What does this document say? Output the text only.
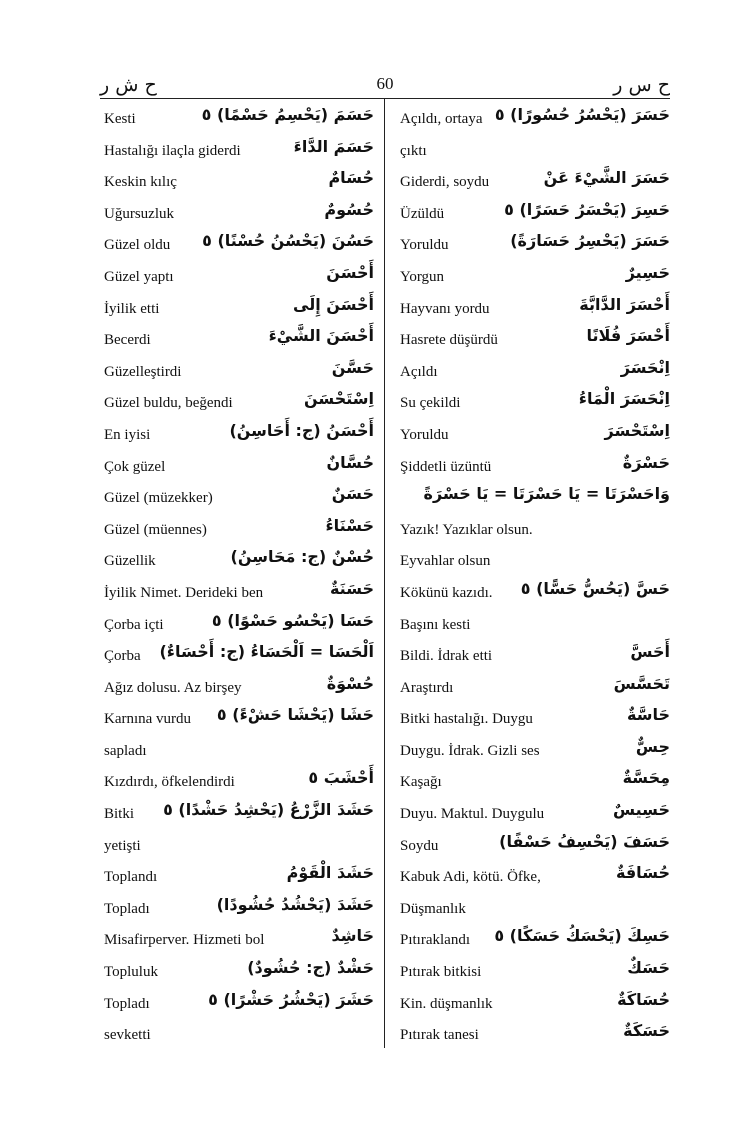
ح ش ر	60	ح س ر
Kesti	حَسَمَ (يَحْسِمُ حَسْمًا) ٥
Hastalığı ilaçla giderdi	حَسَمَ الدَّاءَ
Keskin kılıç	حُسَامٌ
Uğursuzluk	حُسُومٌ
Güzel oldu حَسُنَ (يَحْسُنُ حُسْنًا) ٥
Güzel yaptı	أَحْسَنَ
İyilik etti	أَحْسَنَ إِلَى
Becerdi	أَحْسَنَ الشَّيْءَ
Güzelleştirdi	حَسَّنَ
Güzel buldu, beğendi	اِسْتَحْسَنَ
En iyisi	أَحْسَنُ (ج: أَحَاسِنُ)
Çok güzel	حُسَّانٌ
Güzel (müzekker)	حَسَنٌ
Güzel (müennes)	حَسْنَاءُ
Güzellik	حُسْنٌ (ج: مَحَاسِنُ)
İyilik Nimet. Derideki ben	حَسَنَةٌ
Çorba içti	حَسَا (يَحْسُو حَسْوًا) ٥
Çorba اَلْحَسَا = اَلْحَسَاءُ (ج: أَحْسَاءٌ)
Ağız dolusu. Az birşey	حُسْوَةٌ
Karnına vurdu حَشَا (يَحْشَا حَشْءً) ٥
sapladı
Kızdırdı, öfkelendirdi	أَحْشَبَ ٥
Bitki حَشَدَ الزَّرْعُ (يَحْشِدُ حَشْدًا) ٥
yetişti
Toplandı	حَشَدَ الْقَوْمُ
Topladı	حَشَدَ (يَحْشُدُ حُشُودًا)
Misafirperver. Hizmeti bol	حَاشِدٌ
Topluluk	حَشْدٌ (ج: حُشُودٌ)
Topladı	حَشَرَ (يَحْشُرُ حَشْرًا) ٥
sevketti
Açıldı, ortaya حَسَرَ (يَحْسُرُ حُسُورًا) ٥
çıktı
Giderdi, soydu	حَسَرَ الشَّيْءَ عَنْ
Üzüldü	حَسِرَ (يَحْسَرُ حَسَرًا) ٥
Yoruldu	حَسَرَ (يَحْسِرُ حَسَارَةً)
Yorgun	حَسِيرٌ
Hayvanı yordu	أَحْسَرَ الدَّابَّةَ
Hasrete düşürdü	أَحْسَرَ فُلَانًا
Açıldı	اِنْحَسَرَ
Su çekildi	اِنْحَسَرَ الْمَاءُ
Yoruldu	اِسْتَحْسَرَ
Şiddetli üzüntü	حَسْرَةٌ
وَاحَسْرَتَا = يَا حَسْرَتَا = يَا حَسْرَةً
Yazık! Yazıklar olsun.
Eyvahlar olsun
Kökünü kazıdı. حَسَّ (يَحُسُّ حَسًّا) ٥
Başını kesti
Bildi. İdrak etti	أَحَسَّ
Araştırdı	تَحَسَّسَ
Bitki hastalığı. Duygu	حَاسَّةٌ
Duygu. İdrak. Gizli ses	حِسٌّ
Kaşağı	مِحَسَّةٌ
Duyu. Maktul. Duygulu	حَسِيسٌ
Soydu	حَسَفَ (يَحْسِفُ حَسْفًا)
Kabuk Adi, kötü. Öfke,	حُسَافَةٌ
Düşmanlık
Pıtıraklandı حَسِكَ (يَحْسَكُ حَسَكًا) ٥
Pıtırak bitkisi	حَسَكٌ
Kin. düşmanlık	حُسَاكَةٌ
Pıtırak tanesi	حَسَكَةٌ
